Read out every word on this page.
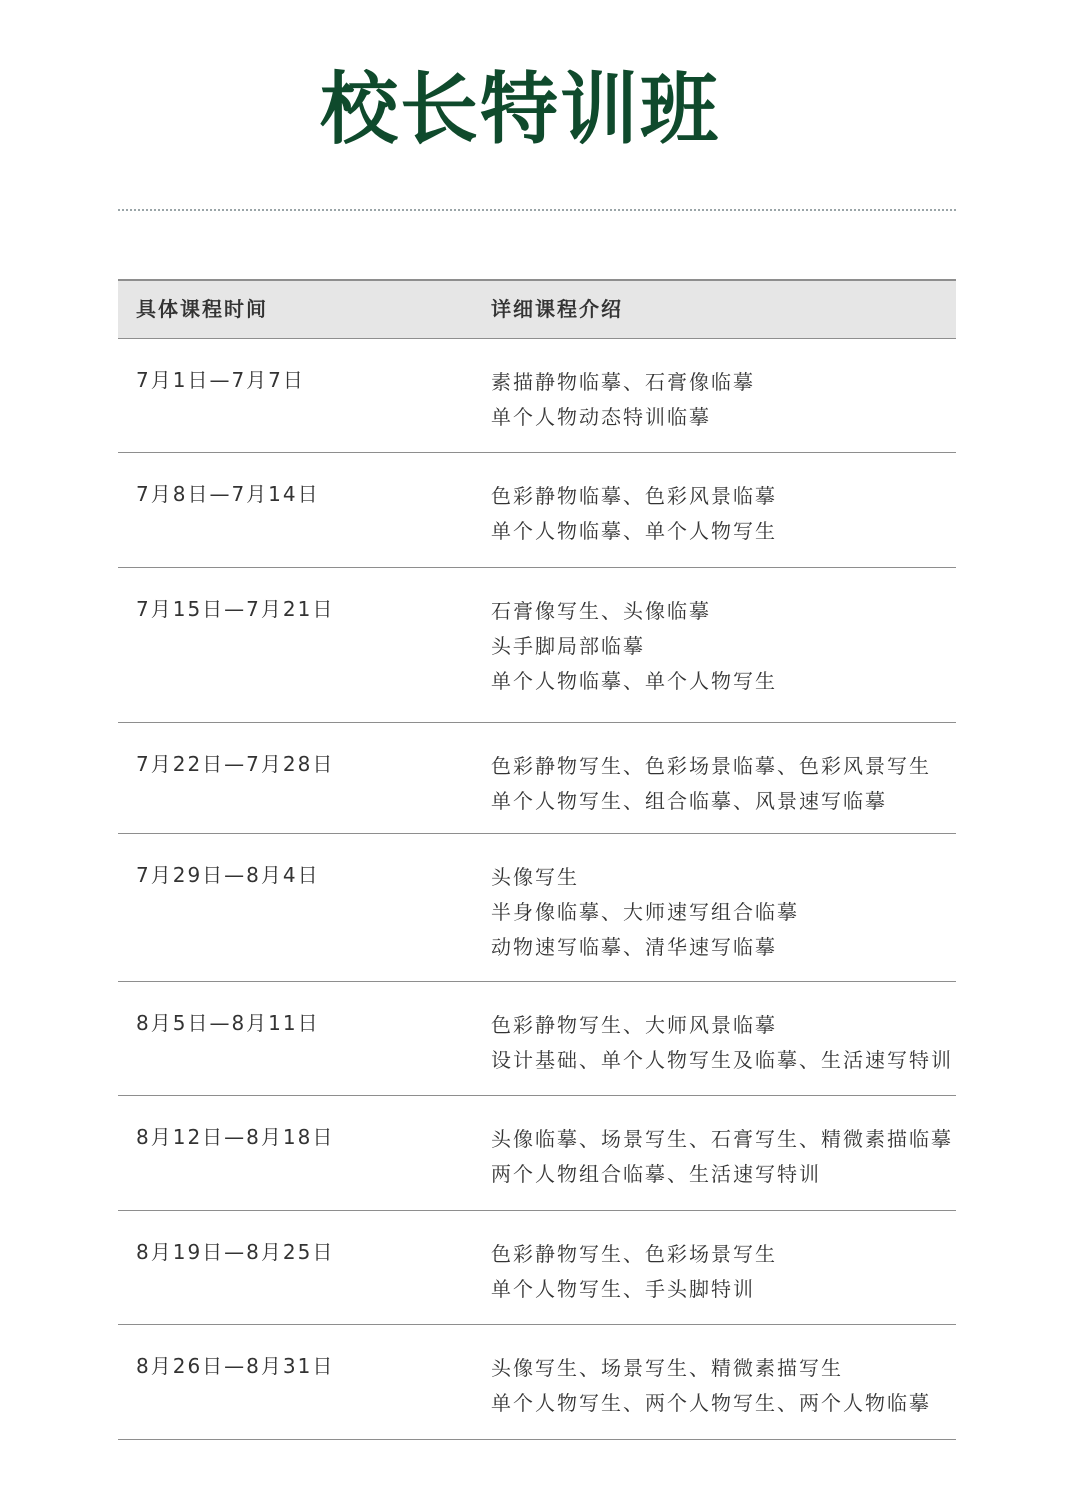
校长特训班
具体课程时间	详细课程介绍
7月1日—7月7日	素描静物临摹、石膏像临摹
单个人物动态特训临摹
7月8日—7月14日	色彩静物临摹、色彩风景临摹
单个人物临摹、单个人物写生
7月15日—7月21日	石膏像写生、头像临摹
头手脚局部临摹
单个人物临摹、单个人物写生
7月22日—7月28日	色彩静物写生、色彩场景临摹、色彩风景写生
单个人物写生、组合临摹、风景速写临摹
7月29日—8月4日	头像写生
半身像临摹、大师速写组合临摹
动物速写临摹、清华速写临摹
8月5日—8月11日	色彩静物写生、大师风景临摹
设计基础、单个人物写生及临摹、生活速写特训
8月12日—8月18日	头像临摹、场景写生、石膏写生、精微素描临摹
两个人物组合临摹、生活速写特训
8月19日—8月25日	色彩静物写生、色彩场景写生
单个人物写生、手头脚特训
8月26日—8月31日	头像写生、场景写生、精微素描写生
单个人物写生、两个人物写生、两个人物临摹
